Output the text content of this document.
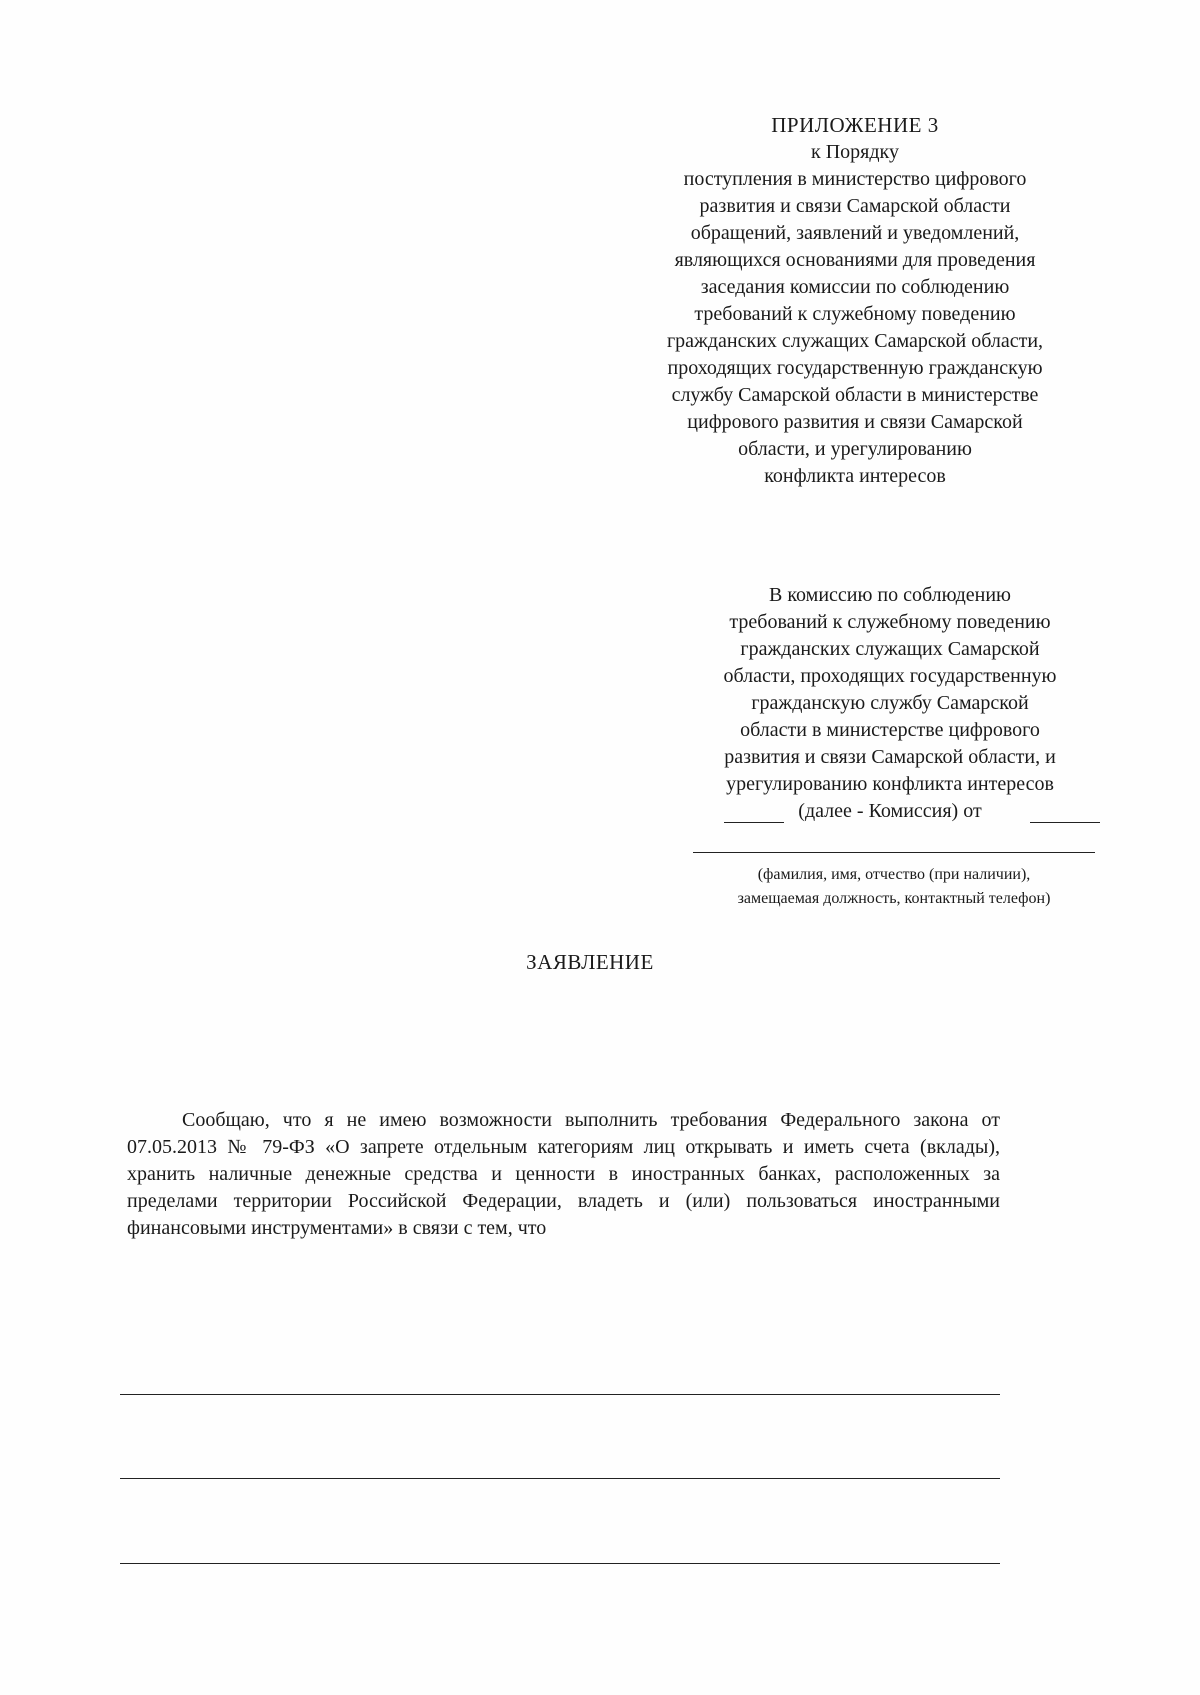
ПРИЛОЖЕНИЕ 3
к Порядку
поступления в министерство цифрового
развития и связи Самарской области
обращений, заявлений и уведомлений,
являющихся основаниями для проведения
заседания комиссии по соблюдению
требований к служебному поведению
гражданских служащих Самарской области,
проходящих государственную гражданскую
службу Самарской области в министерстве
цифрового развития и связи Самарской
области, и урегулированию
конфликта интересов
В комиссию по соблюдению
требований к служебному поведению
гражданских служащих Самарской
области, проходящих государственную
гражданскую службу Самарской
области в министерстве цифрового
развития и связи Самарской области, и
урегулированию конфликта интересов
(далее - Комиссия) от
(фамилия, имя, отчество (при наличии),
замещаемая должность, контактный телефон)
ЗАЯВЛЕНИЕ
Сообщаю, что я не имею возможности выполнить требования Федерального закона от 07.05.2013 № 79-ФЗ «О запрете отдельным категориям лиц открывать и иметь счета (вклады), хранить наличные денежные средства и ценности в иностранных банках, расположенных за пределами территории Российской Федерации, владеть и (или) пользоваться иностранными финансовыми инструментами» в связи с тем, что
